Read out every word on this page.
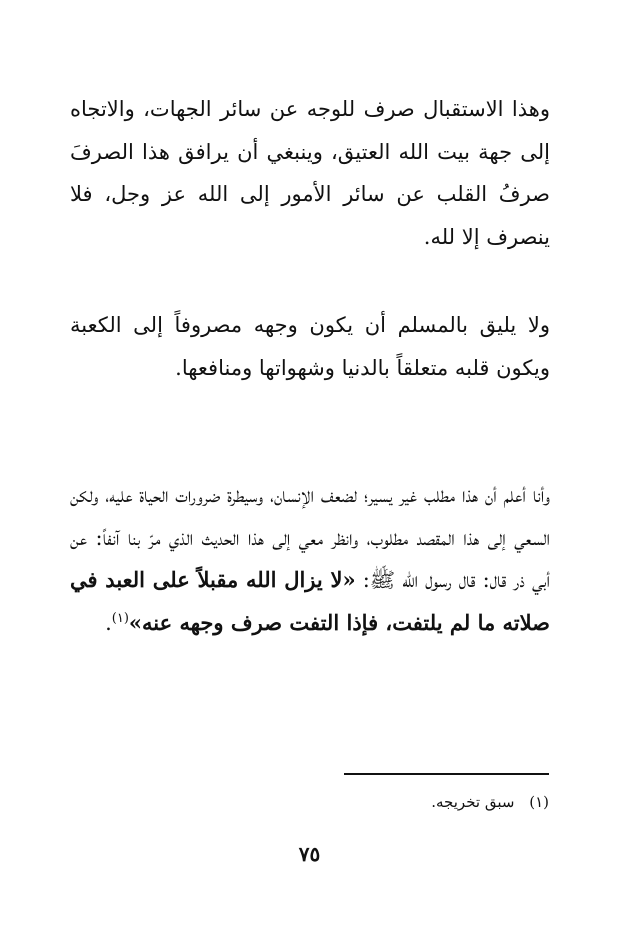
وهذا الاستقبال صرف للوجه عن سائر الجهات، والاتجاه إلى جهة بيت الله العتيق، وينبغي أن يرافق هذا الصرفَ صرفُ القلب عن سائر الأمور إلى الله عز وجل، فلا ينصرف إلا لله.

ولا يليق بالمسلم أن يكون وجهه مصروفاً إلى الكعبة ويكون قلبه متعلقاً بالدنيا وشهواتها ومنافعها.

وأنا أعلم أن هذا مطلب غير يسير؛ لضعف الإنسان، وسيطرة ضرورات الحياة عليه، ولكن السعي إلى هذا المقصد مطلوب، وانظر معي إلى هذا الحديث الذي مرّ بنا آنفاً: عن أبي ذر قال: قال رسول الله ﷺ: «لا يزال الله مقبلاً على العبد في صلاته ما لم يلتفت، فإذا التفت صرف وجهه عنه»$^{(١)}$.

(١) سبق تخريجه.
٧٥
